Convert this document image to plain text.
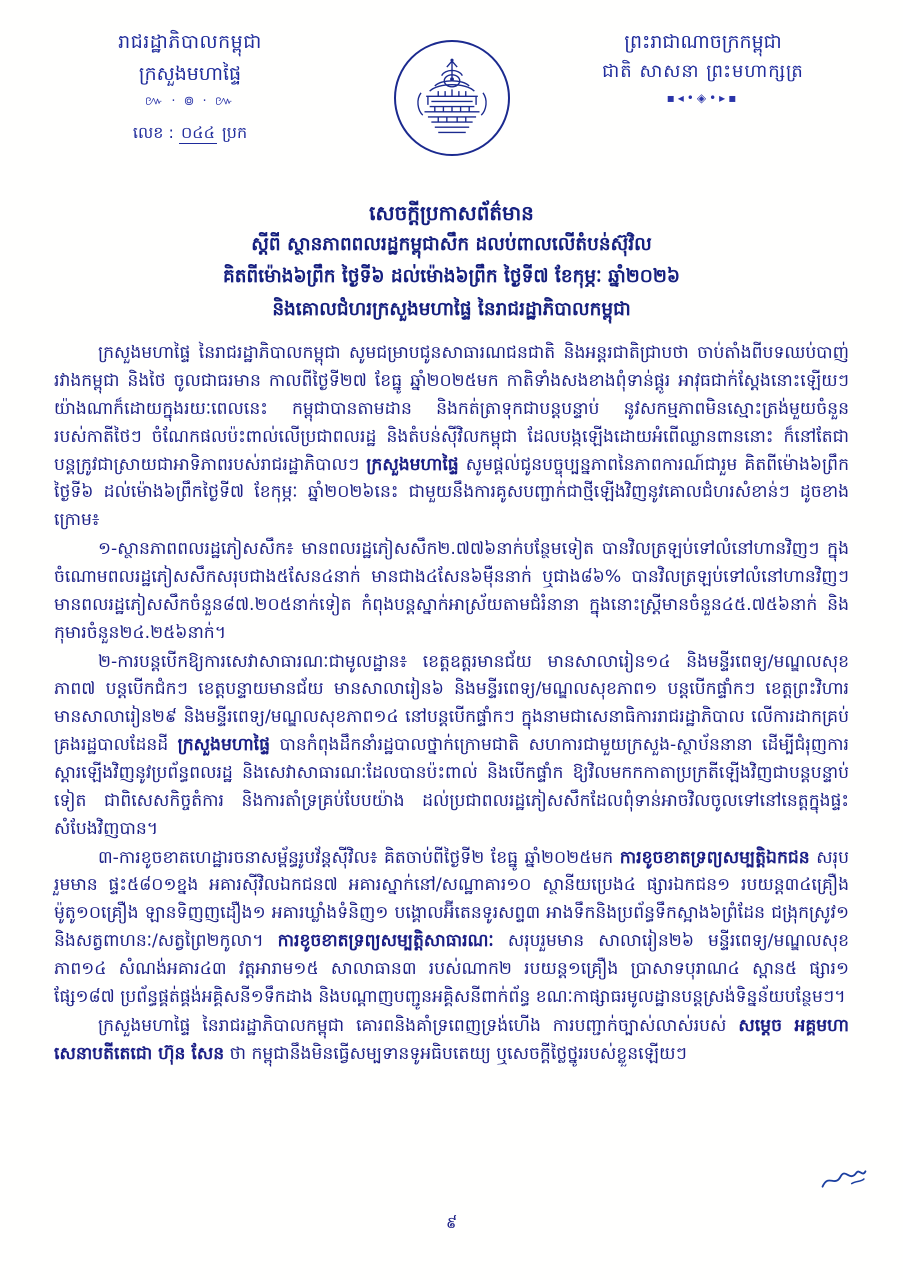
រាជរដ្ឋាភិបាលកម្ពុជា
ក្រសួងមហាផ្ទៃ
៚ · ៙ · ៚
លេខ : ០៤៤ ប្រក
ព្រះរាជាណាចក្រកម្ពុជា
ជាតិ សាសនា ព្រះមហាក្សត្រ
▪◂•◈•▸▪
សេចក្តីប្រកាសព័ត៌មាន
ស្តីពី ស្ថានភាពពលរដ្ឋកម្ពុជាសឹក ដលប់ពាលលើតំបន់ស៊ុវិល
គិតពីម៉ោង៦ព្រឹក ថ្ងៃទី៦ ដល់ម៉ោង៦ព្រឹក ថ្ងៃទី៧ ខែកុម្ភៈ ឆ្នាំ២០២៦
និងគោលជំហរក្រសួងមហាផ្ទៃ នៃរាជរដ្ឋាភិបាលកម្ពុជា

ក្រសួងមហាផ្ទៃ នៃរាជរដ្ឋាភិបាលកម្ពុជា សូមជម្រាបជូនសាធារណជនជាតិ និងអន្តរជាតិជ្រាបថា ចាប់តាំងពីបទឈប់បាញ់រវាងកម្ពុជា និងថៃ ចូលជាធរមាន កាលពីថ្ងៃទី២៧ ខែធ្នូ ឆ្នាំ២០២៥មក កាតិទាំងសងខាងពុំទាន់ផ្តូរ អាវុធជាក់ស្តែងនោះឡើយៗ យ៉ាងណាក៏ដោយក្នុងរយៈពេលនេះ កម្ពុជាបានតាមដាន និងកត់ត្រាទុកជាបន្តបន្ទាប់ នូវសកម្មភាពមិនស្មោះត្រង់មួយចំនួនរបស់កាតីថៃៗ ចំណែកផលប៉ះពាល់លើប្រជាពលរដ្ឋ និងតំបន់ស៊ីវិលកម្ពុជា ដែលបង្កឡើងដោយអំពើឈ្លានពាននោះ ក៏នៅតែជាបន្តក្រូវជាស្រាយជាអាទិភាពរបស់រាជរដ្ឋាភិបាលៗ ក្រសួងមហាផ្ទៃ សូមផ្តល់ជូនបច្ចុប្បន្នភាពនៃភាពការណ៍ជារួម គិតពីម៉ោង៦ព្រឹក ថ្ងៃទី៦ ដល់ម៉ោង៦ព្រឹកថ្ងៃទី៧ ខែកុម្ភៈ ឆ្នាំ២០២៦នេះ ជាមួយនឹងការគូសបញ្ជាក់ជាថ្មីឡើងវិញនូវគោលជំហរសំខាន់ៗ ដូចខាងក្រោម៖

១-ស្ថានភាពពលរដ្ឋភៀសសឹក៖ មានពលរដ្ឋភៀសសឹក២.៧៧៦នាក់បន្ថែមទៀត បានវិលត្រឡប់ទៅលំនៅហានវិញៗ ក្នុងចំណោមពលរដ្ឋភៀសសឹកសរុបជាង៥សែន៤នាក់ មានជាង៤សែន៦មុឺននាក់ ឬជាង៨៦% បានវិលត្រឡប់ទៅលំនៅហានវិញៗ មានពលរដ្ឋភៀសសឹកចំនួន៨៧.២០៥នាក់ទៀត កំពុងបន្តស្នាក់អាស្រ័យតាមជំរំនានា ក្នុងនោះស្ត្រីមានចំនួន៤៥.៧៥៦នាក់ និងកុមារចំនួន២៤.២៥៦នាក់។

២-ការបន្តបើកឱ្យការសេវាសាធារណៈជាមូលដ្ឋាន៖ ខេត្តឧត្តរមានជ័យ មានសាលារៀន១៤ និងមន្ទីរពេទ្យ/មណ្ឌលសុខភាព៧ បន្តបើកជំកៗ ខេត្តបន្ទាយមានជ័យ មានសាលារៀន៦ និងមន្ទីរពេទ្យ/មណ្ឌលសុខភាព១ បន្តបើកផ្ទាំកៗ ខេត្តព្រះវិហារ មានសាលារៀន២៩ និងមន្ទីរពេទ្យ/មណ្ឌលសុខភាព១៤ នៅបន្តបើកផ្ទាំកៗ ក្នុងនាមជាសេនាធិការរាជរដ្ឋាភិបាល លើការដាកគ្រប់គ្រងរដ្ឋបាលដែនដី ក្រសួងមហាផ្ទៃ បានកំពុងដឹកនាំរដ្ឋបាលថ្នាក់ក្រោមជាតិ សហការជាមួយក្រសួង-ស្ថាប័ននានា ដើម្បីជំរុញការស្តារឡើងវិញនូវប្រព័ន្ធពលរដ្ឋ និងសេវាសាធារណៈដែលបានប៉ះពាល់ និងបើកផ្ទាំក ឱ្យវិលមកកកាតាប្រក្រតីឡើងវិញជាបន្តបន្ទាប់ទៀត ជាពិសេសកិច្ចតំការ និងការតាំទ្រគ្រប់បែបយ៉ាង ដល់ប្រជាពលរដ្ឋភៀសសឹកដែលពុំទាន់អាចវិលចូលទៅនៅនេត្តក្នុងផ្ទះ សំបែងវិញបាន។

៣-ការខូចខាតហេដ្ឋារចនាសម្ព័ន្ធរូបវ័ន្តស៊ីវិល៖ គិតចាប់ពីថ្ងៃទី២ ខែធ្នូ ឆ្នាំ២០២៥មក ការខូចខាតទ្រព្យសម្បត្តិឯកជន សរុបរួមមាន ផ្ទះ៥៨០១ខ្នង អគារស៊ីវិលឯកជន៧ អគារស្នាក់នៅ/សណ្ឋាគារ១០ ស្ថានីយប្រេង៤ ផ្សារឯកជន១ របយន្ត៣៤គ្រឿង ម៉ូតូ១០គ្រឿង ឡានទិញញដឿង១ អគារឃ្លាំងទំនិញ១ បង្គោលអ៊ីតេនទូរសព្ទ៣ អាងទឹកនិងប្រព័ន្ធទឹកស្អាង៦ព្រំដែន ជង្រុកស្រូវ១ និងសត្វពាហនៈ/សត្វព្រៃ២កូលា។ ការខូចខាតទ្រព្យសម្បត្តិសាធារណៈ សរុបរួមមាន សាលារៀន២៦ មន្ទីរពេទ្យ/មណ្ឌលសុខភាព១៤ សំណង់អគារ៤៣ វត្តអារាម១៥ សាលាធាន៣ របស់ណាក២ របយន្ត១គ្រឿង ប្រាសាទបុរាណ៤ ស្ពាន៥ ផ្សារ១ ផ្សែ១៨៧ ប្រព័ន្ធផ្គត់ផ្គង់អគ្គិសនី១ទឹកដាង និងបណ្តាញបញ្ជូនអគ្គិសនីពាក់ព័ន្ធ ខណៈកាផ្សាធរមូលដ្ឋានបន្តស្រង់ទិន្នន័យបន្ថែមៗ។

ក្រសួងមហាផ្ទៃ នៃរាជរដ្ឋាភិបាលកម្ពុជា គោរពនិងគាំទ្រពេញទ្រង់ហើង ការបញ្ជាក់ច្បាស់លាស់របស់ សម្តេច អគ្គមហាសេនាបតីតេជោ ហ៊ុន សែន ថា កម្ពុជានឹងមិនធ្វើសម្បទានទូអធិបតេយ្យ ឬសេចក្តីថ្លៃថ្នូររបស់ខ្លួនឡើយៗ

៩
